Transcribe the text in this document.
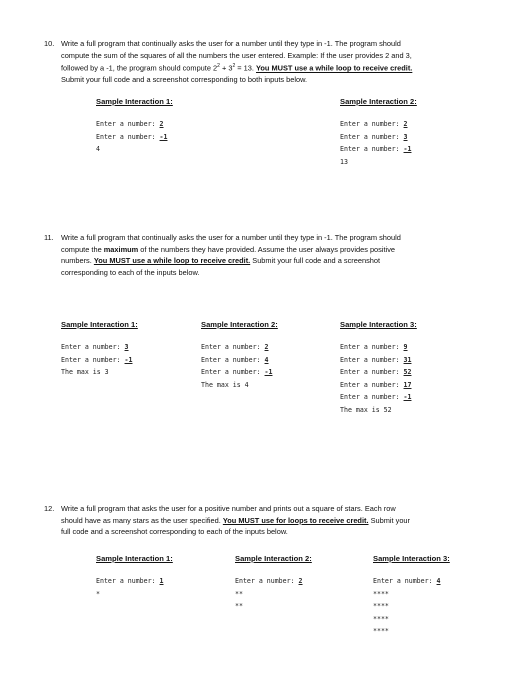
10. Write a full program that continually asks the user for a number until they type in -1. The program should
compute the sum of the squares of all the numbers the user entered. Example: If the user provides 2 and 3,
followed by a -1, the program should compute $2^2 + 3^2 = 13$. You MUST use a while loop to receive credit.
Submit your full code and a screenshot corresponding to both inputs below.
Sample Interaction 1:
Enter a number: 2
Enter a number: -1
4
Sample Interaction 2:
Enter a number: 2
Enter a number: 3
Enter a number: -1
13
11. Write a full program that continually asks the user for a number until they type in -1. The program should
compute the maximum of the numbers they have provided. Assume the user always provides positive
numbers. You MUST use a while loop to receive credit. Submit your full code and a screenshot
corresponding to each of the inputs below.
Sample Interaction 1:
Enter a number: 3
Enter a number: -1
The max is 3
Sample Interaction 2:
Enter a number: 2
Enter a number: 4
Enter a number: -1
The max is 4
Sample Interaction 3:
Enter a number: 9
Enter a number: 31
Enter a number: 52
Enter a number: 17
Enter a number: -1
The max is 52
12. Write a full program that asks the user for a positive number and prints out a square of stars. Each row
should have as many stars as the user specified. You MUST use for loops to receive credit. Submit your
full code and a screenshot corresponding to each of the inputs below.
Sample Interaction 1:
Enter a number: 1
*
Sample Interaction 2:
Enter a number: 2
**
**
Sample Interaction 3:
Enter a number: 4
****
****
****
****
